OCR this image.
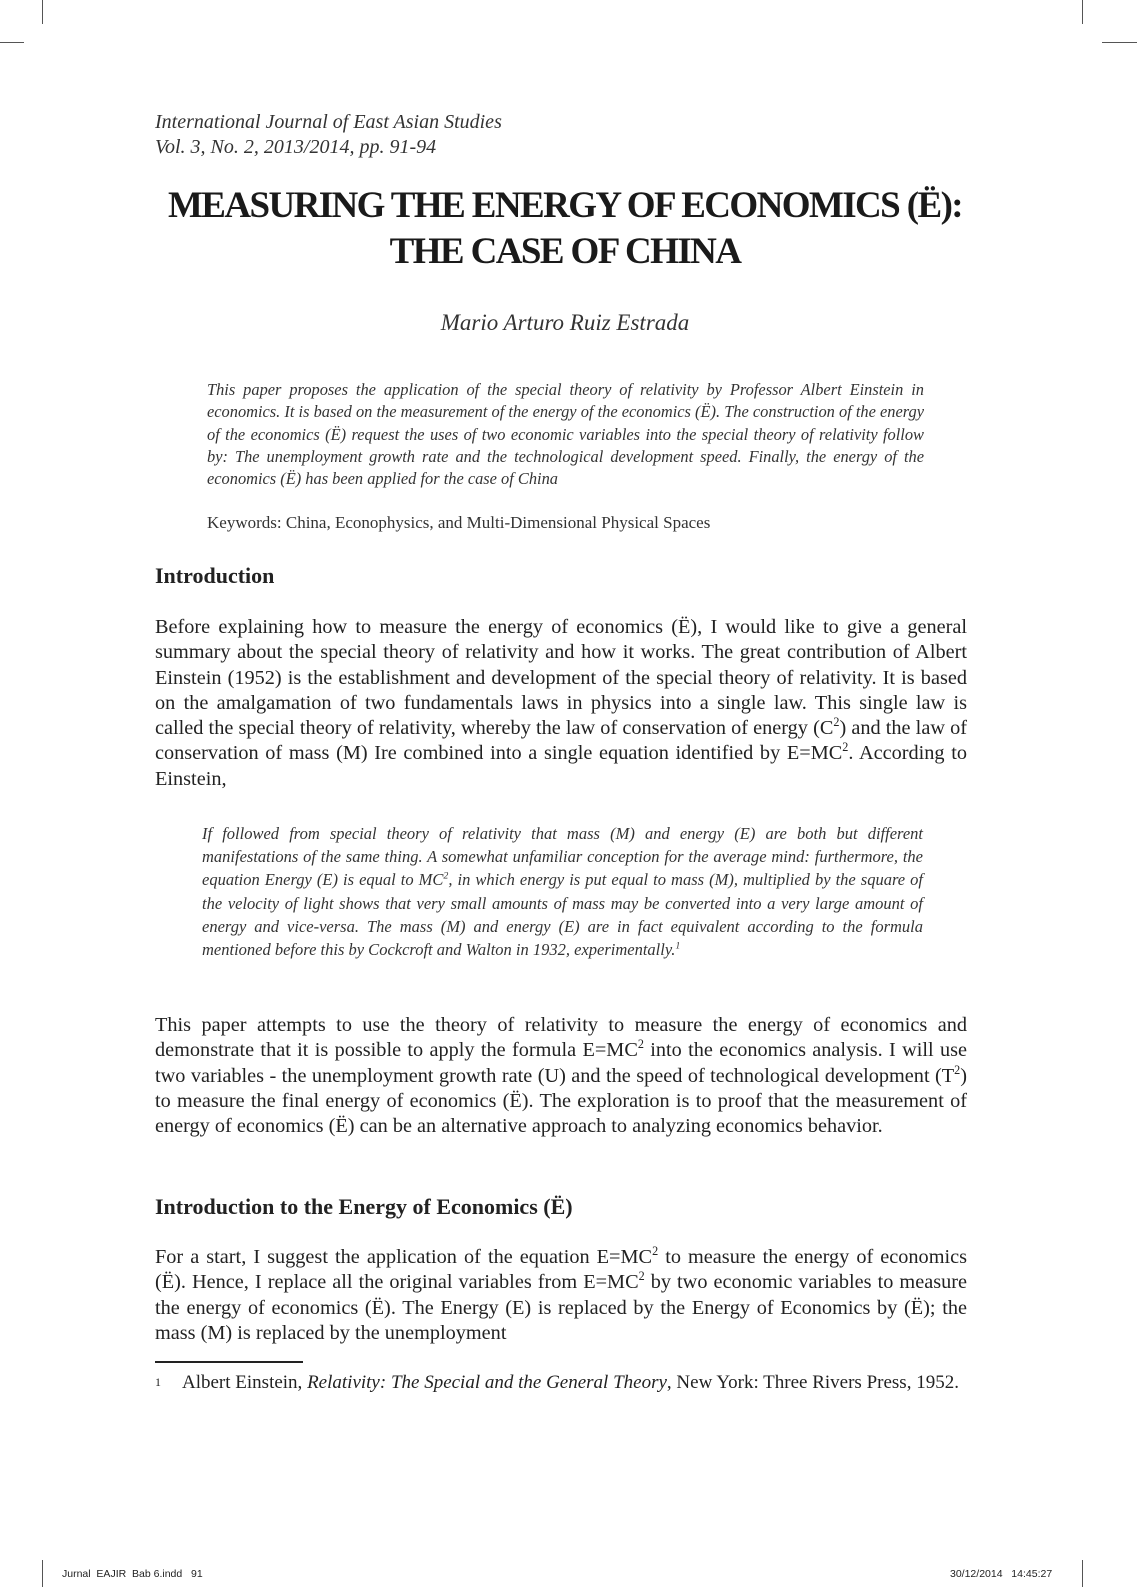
International Journal of East Asian Studies
Vol. 3, No. 2, 2013/2014, pp. 91-94
MEASURING THE ENERGY OF ECONOMICS (Ë):
THE CASE OF CHINA
Mario Arturo Ruiz Estrada
This paper proposes the application of the special theory of relativity by Professor Albert Einstein in economics. It is based on the measurement of the energy of the economics (Ë). The construction of the energy of the economics (Ë) request the uses of two economic variables into the special theory of relativity follow by: The unemployment growth rate and the technological development speed. Finally, the energy of the economics (Ë) has been applied for the case of China
Keywords: China, Econophysics, and Multi-Dimensional Physical Spaces
Introduction
Before explaining how to measure the energy of economics (Ë), I would like to give a general summary about the special theory of relativity and how it works. The great contribution of Albert Einstein (1952) is the establishment and development of the special theory of relativity. It is based on the amalgamation of two fundamentals laws in physics into a single law. This single law is called the special theory of relativity, whereby the law of conservation of energy $(C^2)$ and the law of conservation of mass (M) Ire combined into a single equation identified by $E=MC^2$. According to Einstein,
If followed from special theory of relativity that mass (M) and energy (E) are both but different manifestations of the same thing. A somewhat unfamiliar conception for the average mind: furthermore, the equation Energy (E) is equal to $MC^2$, in which energy is put equal to mass (M), multiplied by the square of the velocity of light shows that very small amounts of mass may be converted into a very large amount of energy and vice-versa. The mass (M) and energy (E) are in fact equivalent according to the formula mentioned before this by Cockcroft and Walton in 1932, experimentally.$^1$
This paper attempts to use the theory of relativity to measure the energy of economics and demonstrate that it is possible to apply the formula $E=MC^2$ into the economics analysis. I will use two variables - the unemployment growth rate (U) and the speed of technological development $(T^2)$ to measure the final energy of economics (Ë). The exploration is to proof that the measurement of energy of economics (Ë) can be an alternative approach to analyzing economics behavior.
Introduction to the Energy of Economics (Ë)
For a start, I suggest the application of the equation $E=MC^2$ to measure the energy of economics (Ë). Hence, I replace all the original variables from $E=MC^2$ by two economic variables to measure the energy of economics (Ë). The Energy (E) is replaced by the Energy of Economics by (Ë); the mass (M) is replaced by the unemployment
1 Albert Einstein, Relativity: The Special and the General Theory, New York: Three Rivers Press, 1952.
Jurnal  EAJIR  Bab 6.indd   91	30/12/2014   14:45:27
